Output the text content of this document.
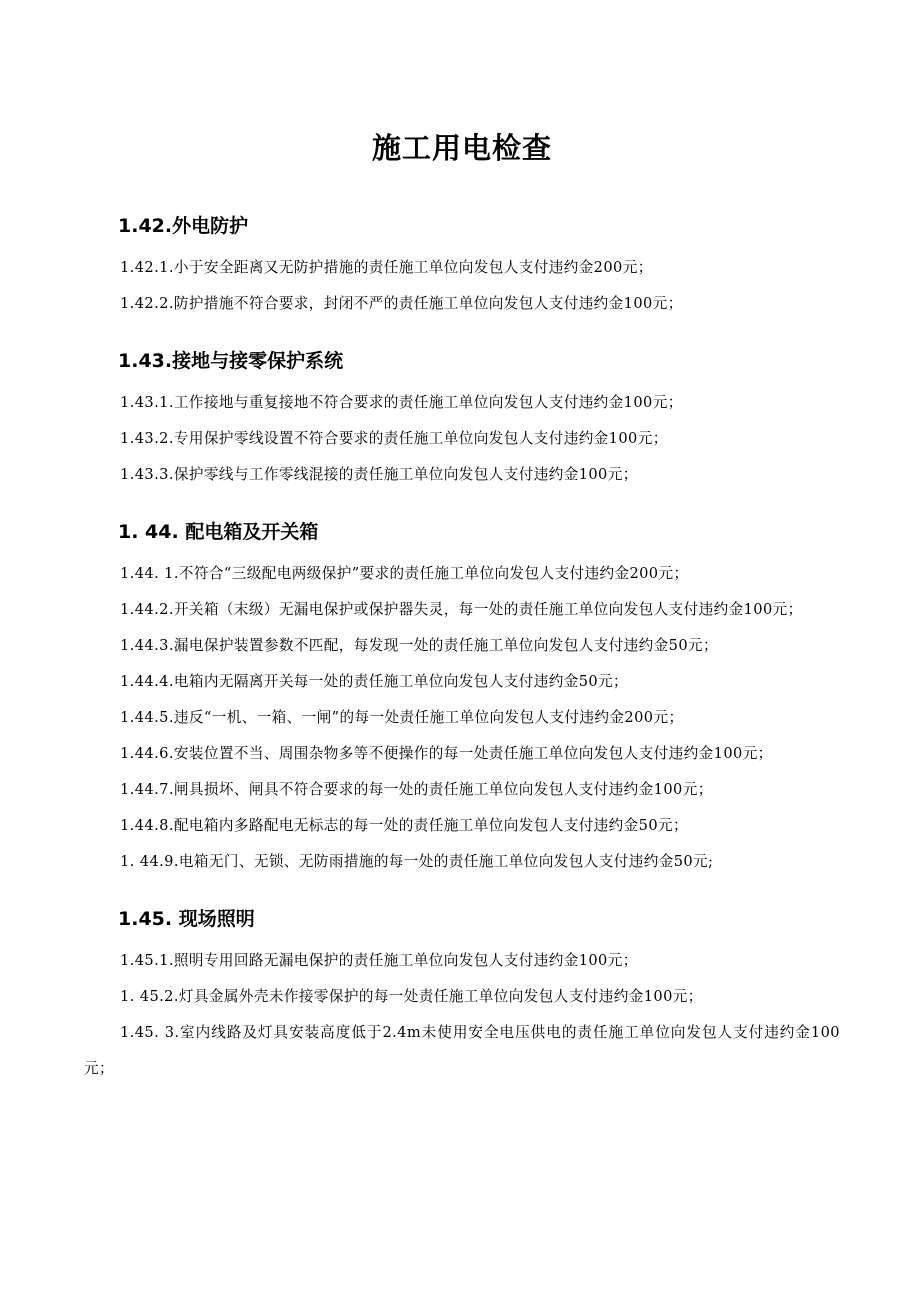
施工用电检查
1.42.外电防护

1.42.1.小于安全距离又无防护措施的责任施工单位向发包人支付违约金200元；

1.42.2.防护措施不符合要求，封闭不严的责任施工单位向发包人支付违约金100元；

1.43.接地与接零保护系统

1.43.1.工作接地与重复接地不符合要求的责任施工单位向发包人支付违约金100元；

1.43.2.专用保护零线设置不符合要求的责任施工单位向发包人支付违约金100元；

1.43.3.保护零线与工作零线混接的责任施工单位向发包人支付违约金100元；

1. 44. 配电箱及开关箱

1.44. 1.不符合“三级配电两级保护”要求的责任施工单位向发包人支付违约金200元；

1.44.2.开关箱（末级）无漏电保护或保护器失灵，每一处的责任施工单位向发包人支付违约金100元；

1.44.3.漏电保护装置参数不匹配，每发现一处的责任施工单位向发包人支付违约金50元；

1.44.4.电箱内无隔离开关每一处的责任施工单位向发包人支付违约金50元；

1.44.5.违反“一机、一箱、一闸”的每一处责任施工单位向发包人支付违约金200元；

1.44.6.安装位置不当、周围杂物多等不便操作的每一处责任施工单位向发包人支付违约金100元；

1.44.7.闸具损坏、闸具不符合要求的每一处的责任施工单位向发包人支付违约金100元；

1.44.8.配电箱内多路配电无标志的每一处的责任施工单位向发包人支付违约金50元；

1. 44.9.电箱无门、无锁、无防雨措施的每一处的责任施工单位向发包人支付违约金50元;

1.45. 现场照明

1.45.1.照明专用回路无漏电保护的责任施工单位向发包人支付违约金100元；

1. 45.2.灯具金属外壳未作接零保护的每一处责任施工单位向发包人支付违约金100元；

1.45. 3.室内线路及灯具安装高度低于2.4m未使用安全电压供电的责任施工单位向发包人支付违约金100元；
